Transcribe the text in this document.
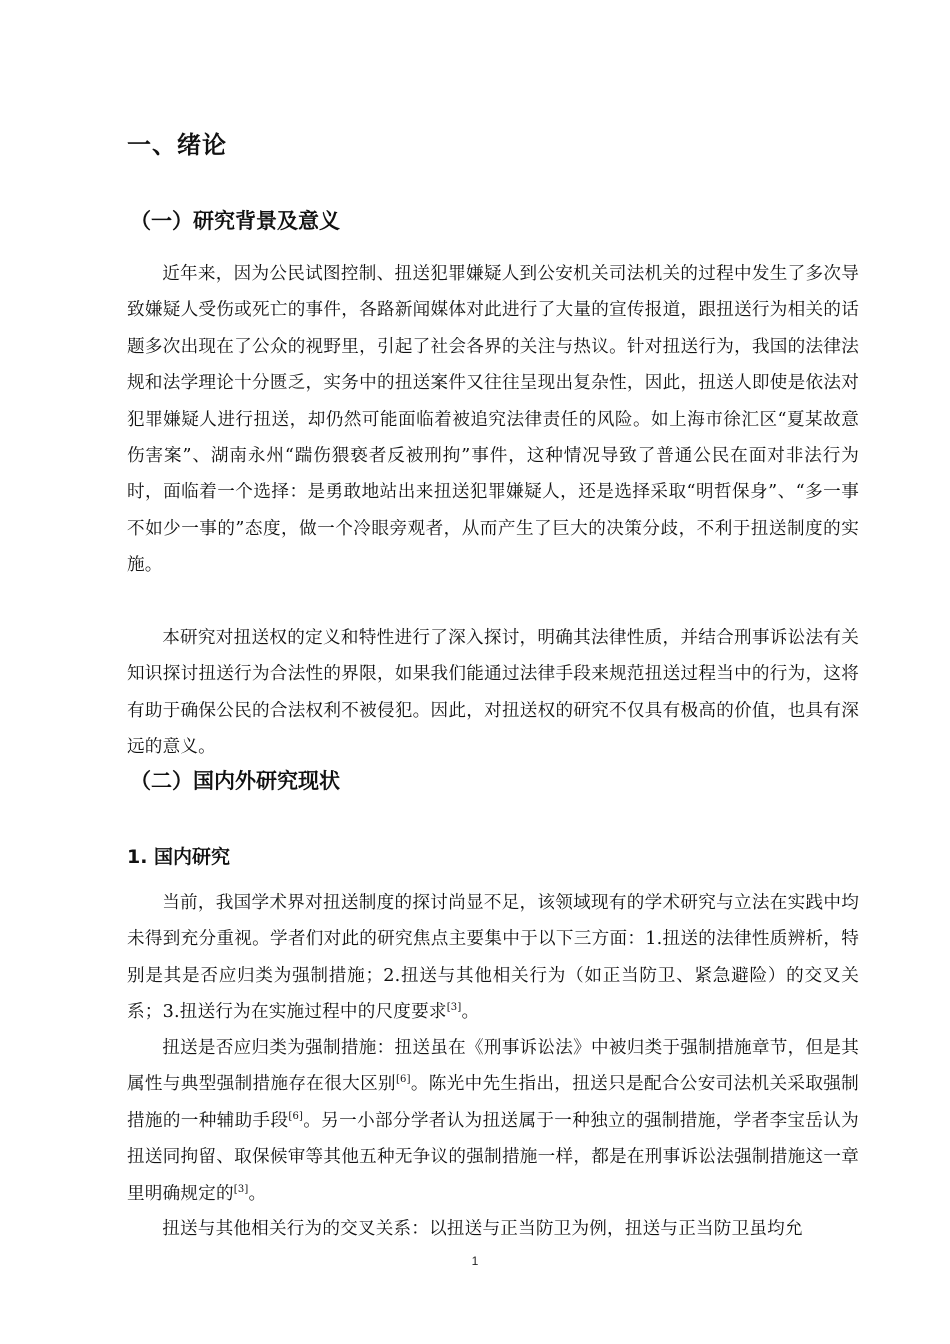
一、绪论
（一）研究背景及意义

近年来，因为公民试图控制、扭送犯罪嫌疑人到公安机关司法机关的过程中发生了多次导致嫌疑人受伤或死亡的事件，各路新闻媒体对此进行了大量的宣传报道，跟扭送行为相关的话题多次出现在了公众的视野里，引起了社会各界的关注与热议。针对扭送行为，我国的法律法规和法学理论十分匮乏，实务中的扭送案件又往往呈现出复杂性，因此，扭送人即使是依法对犯罪嫌疑人进行扭送，却仍然可能面临着被追究法律责任的风险。如上海市徐汇区“夏某故意伤害案”、湖南永州“踹伤猥亵者反被刑拘”事件，这种情况导致了普通公民在面对非法行为时，面临着一个选择：是勇敢地站出来扭送犯罪嫌疑人，还是选择采取“明哲保身”、“多一事不如少一事的”态度，做一个冷眼旁观者，从而产生了巨大的决策分歧，不利于扭送制度的实施。

本研究对扭送权的定义和特性进行了深入探讨，明确其法律性质，并结合刑事诉讼法有关知识探讨扭送行为合法性的界限，如果我们能通过法律手段来规范扭送过程当中的行为，这将有助于确保公民的合法权利不被侵犯。因此，对扭送权的研究不仅具有极高的价值，也具有深远的意义。

（二）国内外研究现状
1. 国内研究

当前，我国学术界对扭送制度的探讨尚显不足，该领域现有的学术研究与立法在实践中均未得到充分重视。学者们对此的研究焦点主要集中于以下三方面：1.扭送的法律性质辨析，特别是其是否应归类为强制措施；2.扭送与其他相关行为（如正当防卫、紧急避险）的交叉关系；3.扭送行为在实施过程中的尺度要求[3]。

扭送是否应归类为强制措施：扭送虽在《刑事诉讼法》中被归类于强制措施章节，但是其属性与典型强制措施存在很大区别[6]。陈光中先生指出，扭送只是配合公安司法机关采取强制措施的一种辅助手段[6]。另一小部分学者认为扭送属于一种独立的强制措施，学者李宝岳认为扭送同拘留、取保候审等其他五种无争议的强制措施一样，都是在刑事诉讼法强制措施这一章里明确规定的[3]。

扭送与其他相关行为的交叉关系：以扭送与正当防卫为例，扭送与正当防卫虽均允

1
